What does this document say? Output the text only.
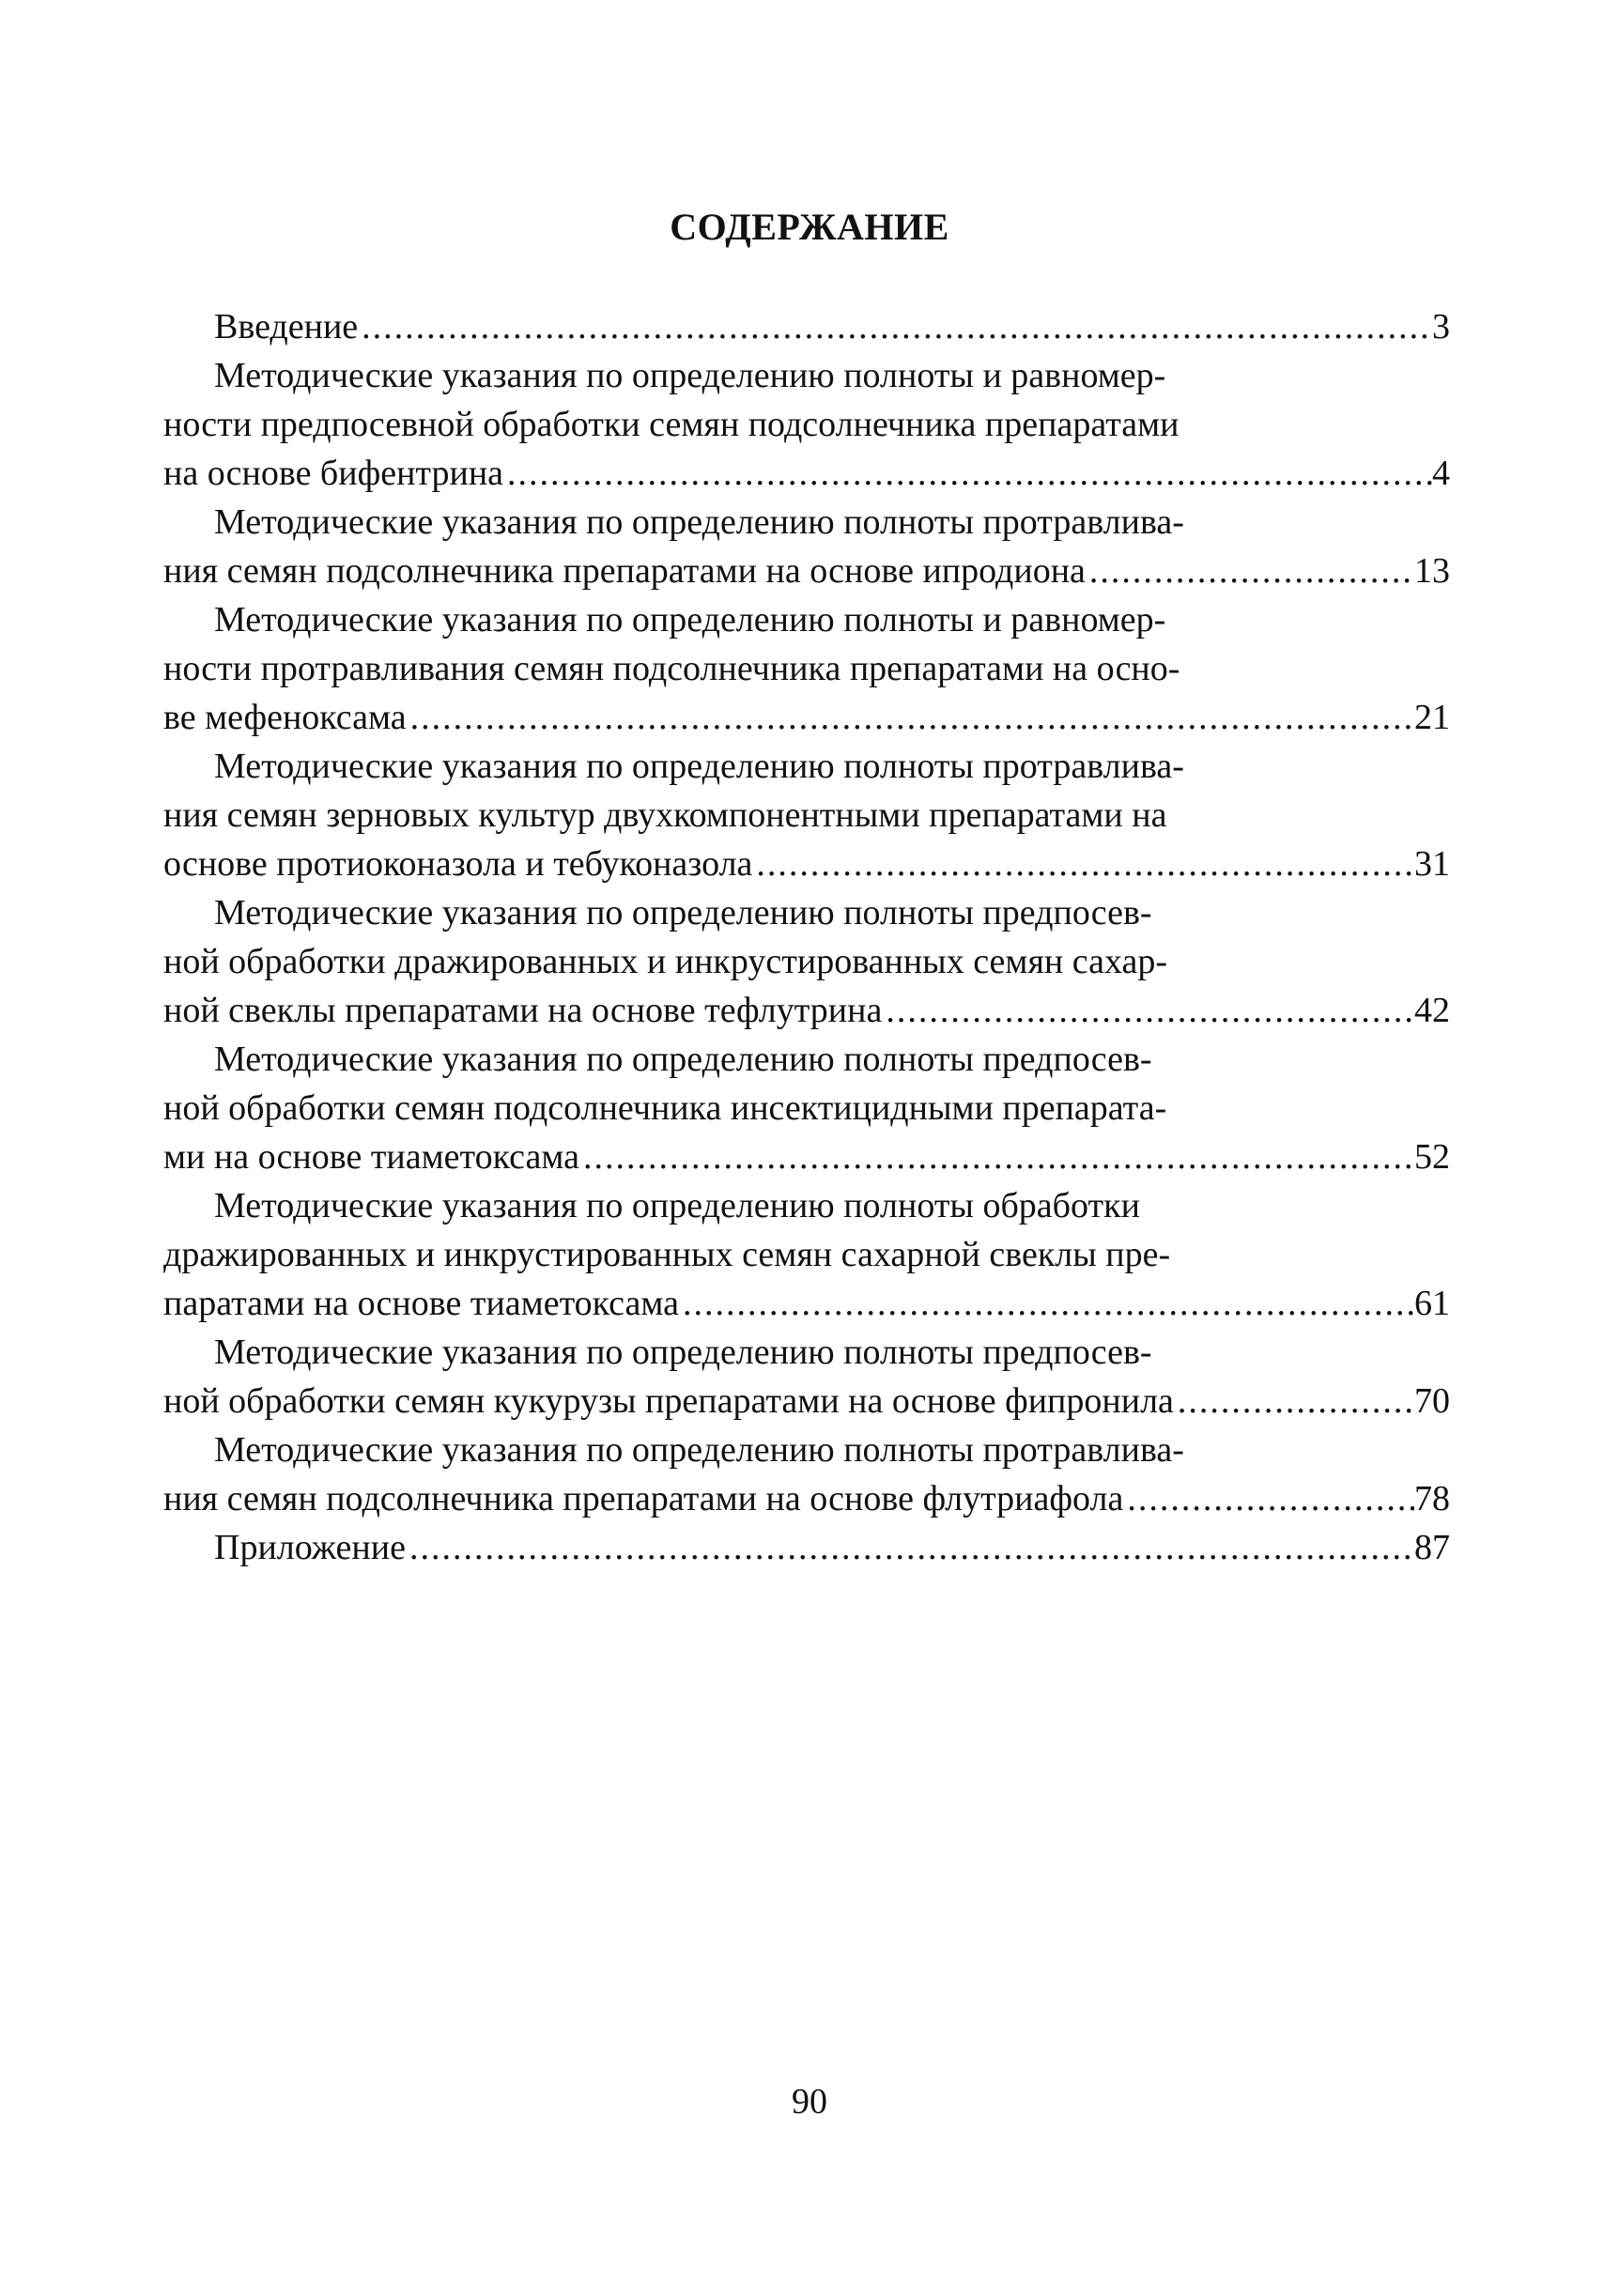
СОДЕРЖАНИЕ
Введение .....	3
Методические указания по определению полноты и равномер-
ности предпосевной обработки семян подсолнечника препаратами
на основе бифентрина .....	4
Методические указания по определению полноты протравлива-
ния семян подсолнечника препаратами на основе ипродиона .....	13
Методические указания по определению полноты и равномер-
ности протравливания семян подсолнечника препаратами на осно-
ве мефеноксама .....	21
Методические указания по определению полноты протравлива-
ния семян зерновых культур двухкомпонентными препаратами на
основе протиоконазола и тебуконазола .....	31
Методические указания по определению полноты предпосев-
ной обработки дражированных и инкрустированных семян сахар-
ной свеклы препаратами на основе тефлутрина .....	42
Методические указания по определению полноты предпосев-
ной обработки семян подсолнечника инсектицидными препарата-
ми на основе тиаметоксама .....	52
Методические указания по определению полноты обработки
дражированных и инкрустированных семян сахарной свеклы пре-
паратами на основе тиаметоксама .....	61
Методические указания по определению полноты предпосев-
ной обработки семян кукурузы препаратами на основе фипронила .....	70
Методические указания по определению полноты протравлива-
ния семян подсолнечника препаратами на основе флутриафола .....	78
Приложение .....	87
90
